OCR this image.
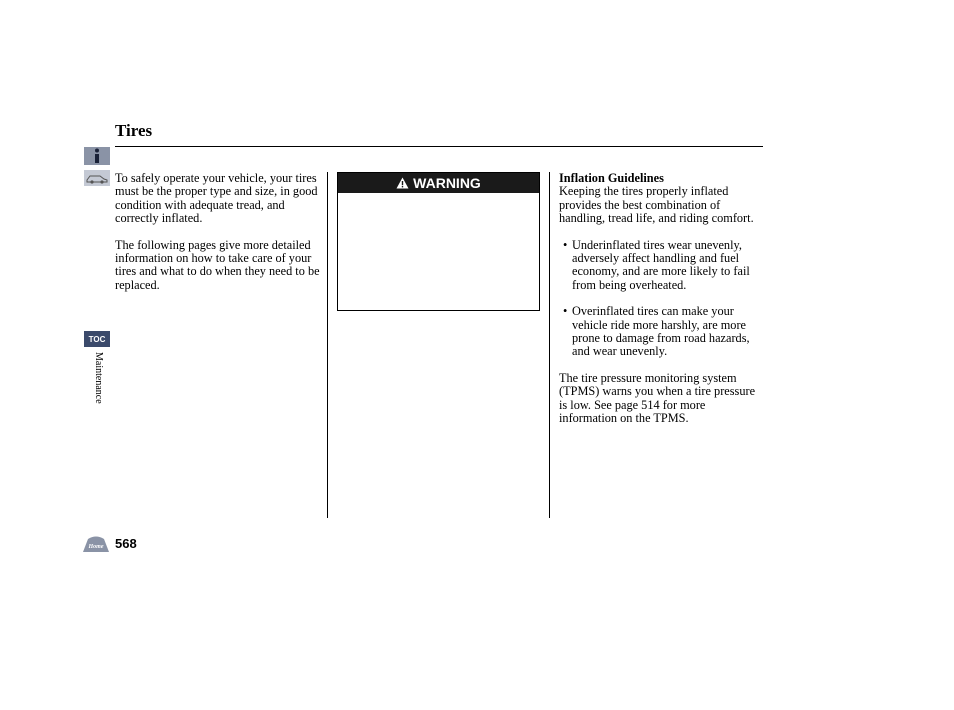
Tires
TOC
Maintenance
Home 568

To safely operate your vehicle, your tires must be the proper type and size, in good condition with adequate tread, and correctly inflated.

The following pages give more detailed information on how to take care of your tires and what to do when they need to be replaced.

WARNING	Inflation Guidelines

Keeping the tires properly inflated provides the best combination of handling, tread life, and riding comfort.

• Underinflated tires wear unevenly, adversely affect handling and fuel economy, and are more likely to fail from being overheated.
• Overinflated tires can make your vehicle ride more harshly, are more prone to damage from road hazards, and wear unevenly.

The tire pressure monitoring system (TPMS) warns you when a tire pressure is low. See page 514 for more information on the TPMS.
